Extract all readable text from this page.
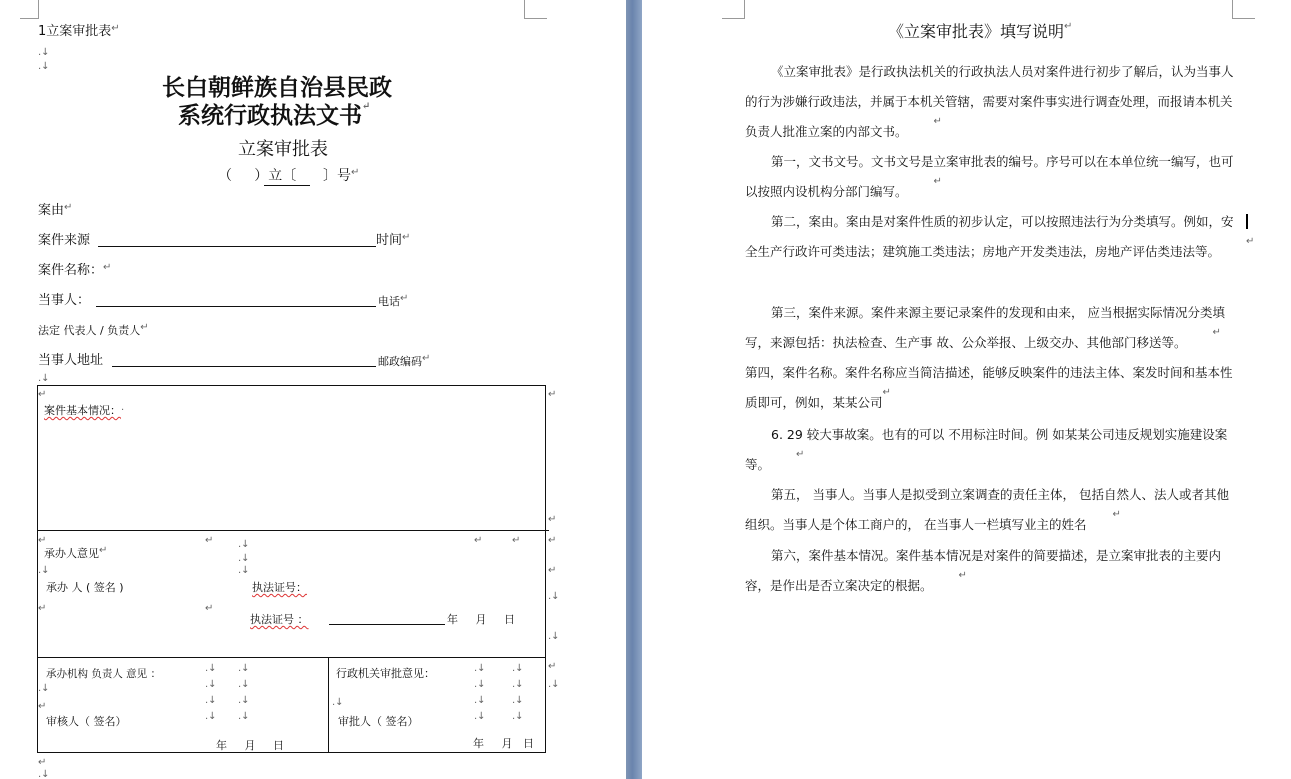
1立案审批表 ↵
.↓
.↓
长白朝鲜族自治县民政
系统行政执法文书 ↵
立案审批表
（ ）立〔 〕号 ↵
案由 ↵
案件来源	时间 ↵
案件名称： ↵
当事人：	电话 ↵
法定 代表人 / 负责人 ↵
当事人地址	邮政编码 ↵
.↓
↵	↵
案件基本情况： .
↵
↵	↵	↵	↵	↵
承办人意见 ↵
.↓
.↓
.↓	.↓	↵
承办 人 ( 签名 )	执法证号：
.↓
↵	↵
执法证号 ：	年 月 日
.↓
↵
承办机构 负责人 意见 ：	.↓ .↓	行政机关审批意见：	.↓	.↓
.↓	.↓ .↓	.↓	.↓ .↓
.↓ .↓	.↓	.↓	.↓
↵
审核人（ 签名）	.↓ .↓	审批人（ 签名）	.↓	.↓
年 月 日	年 月 日
↵
.↓
《立案审批表》填写说明 ↵
《立案审批表》是行政执法机关的行政执法人员对案件进行初步了解后，认为当事人的行为涉嫌行政违法，并属于本机关管辖，需要对案件事实进行调查处理，而报请本机关 负责人批准立案的内部文书。
↵
第一，文书文号。文书文号是立案审批表的编号。序号可以在本单位统一编写，也可以按照内设机构分部门编写。
↵
第二，案由。案由是对案件性质的初步认定，可以按照违法行为分类填写。例如，安全生产行政许可类违法；建筑施工类违法；房地产开发类违法，房地产评估类违法等。
↵
第三，案件来源。案件来源主要记录案件的发现和由来， 应当根据实际情况分类填写，来源包括：执法检查、生产事 故、公众举报、上级交办、其他部门移送等。
↵
第四，案件名称。案件名称应当简洁描述，能够反映案件的违法主体、案发时间和基本性质即可，例如，某某公司
↵
6. 29 较大事故案。也有的可以 不用标注时间。例 如某某公司违反规划实施建设案等。
↵
第五， 当事人。当事人是拟受到立案调查的责任主体， 包括自然人、法人或者其他组织。当事人是个体工商户的， 在当事人一栏填写业主的姓名
↵
第六，案件基本情况。案件基本情况是对案件的简要描述，是立案审批表的主要内容，是作出是否立案决定的根据。
↵
